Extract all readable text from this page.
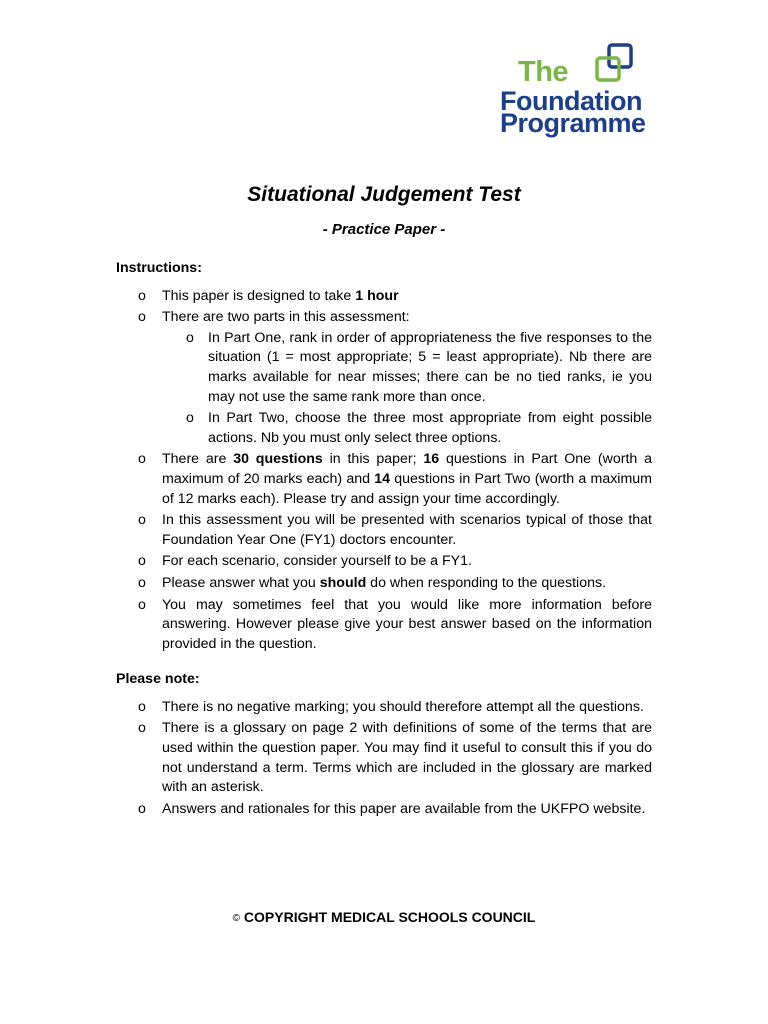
The
Foundation
Programme
Situational Judgement Test
- Practice Paper -
Instructions:
o This paper is designed to take 1 hour
o There are two parts in this assessment:
o In Part One, rank in order of appropriateness the five responses to the situation (1 = most appropriate; 5 = least appropriate). Nb there are marks available for near misses; there can be no tied ranks, ie you may not use the same rank more than once.
o In Part Two, choose the three most appropriate from eight possible actions. Nb you must only select three options.
o There are 30 questions in this paper; 16 questions in Part One (worth a maximum of 20 marks each) and 14 questions in Part Two (worth a maximum of 12 marks each). Please try and assign your time accordingly.
o In this assessment you will be presented with scenarios typical of those that Foundation Year One (FY1) doctors encounter.
o For each scenario, consider yourself to be a FY1.
o Please answer what you should do when responding to the questions.
o You may sometimes feel that you would like more information before answering. However please give your best answer based on the information provided in the question.
Please note:
o There is no negative marking; you should therefore attempt all the questions.
o There is a glossary on page 2 with definitions of some of the terms that are used within the question paper. You may find it useful to consult this if you do not understand a term. Terms which are included in the glossary are marked with an asterisk.
o Answers and rationales for this paper are available from the UKFPO website.
© COPYRIGHT MEDICAL SCHOOLS COUNCIL
